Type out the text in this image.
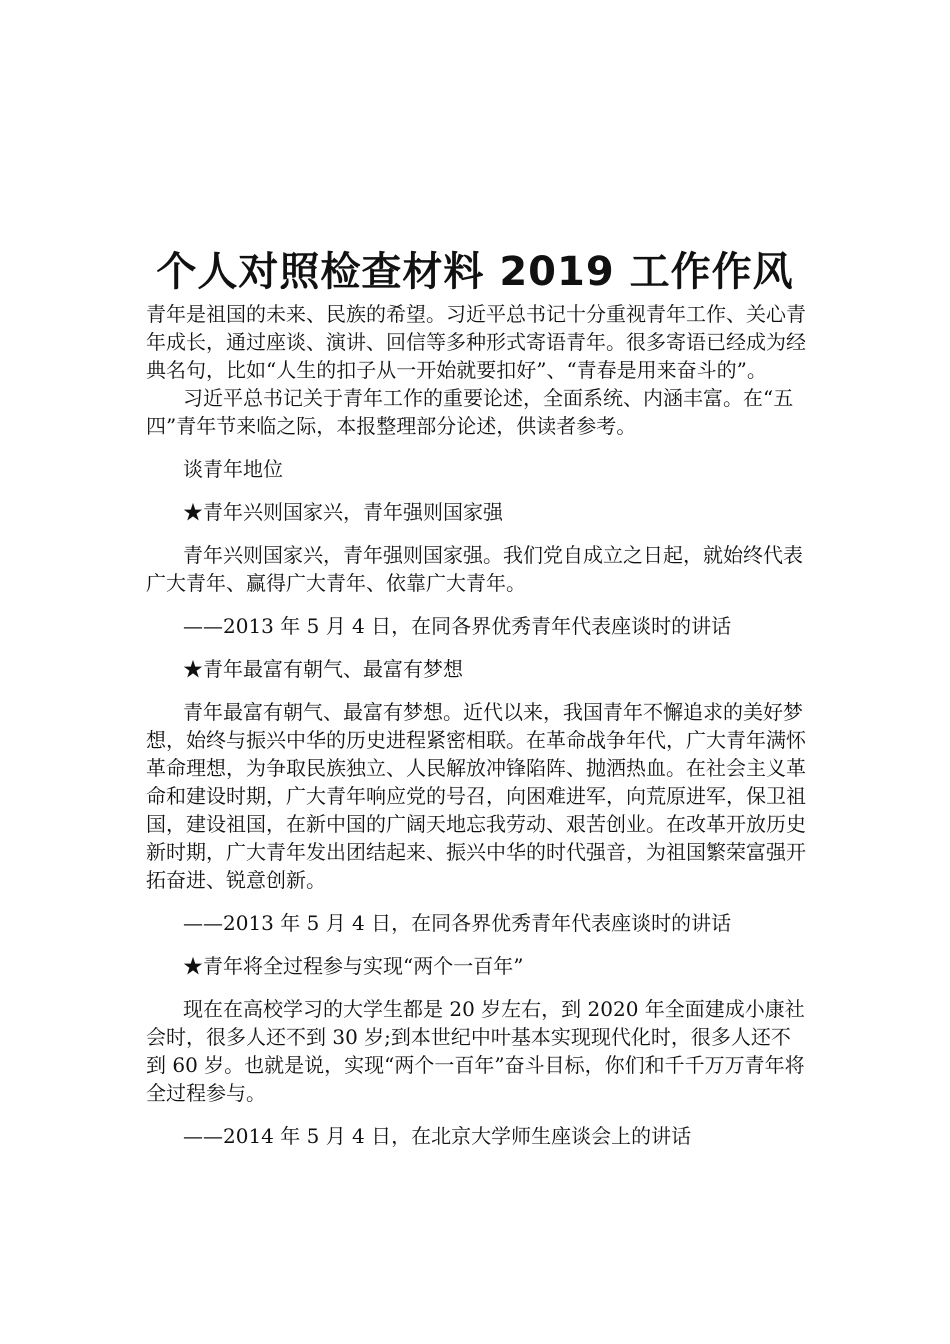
个人对照检查材料 2019 工作作风

青年是祖国的未来、民族的希望。习近平总书记十分重视青年工作、关心青年成长，通过座谈、演讲、回信等多种形式寄语青年。很多寄语已经成为经典名句，比如“人生的扣子从一开始就要扣好”、“青春是用来奋斗的”。

习近平总书记关于青年工作的重要论述，全面系统、内涵丰富。在“五四”青年节来临之际，本报整理部分论述，供读者参考。

谈青年地位

★青年兴则国家兴，青年强则国家强

青年兴则国家兴，青年强则国家强。我们党自成立之日起，就始终代表广大青年、赢得广大青年、依靠广大青年。

——2013 年 5 月 4 日，在同各界优秀青年代表座谈时的讲话

★青年最富有朝气、最富有梦想

青年最富有朝气、最富有梦想。近代以来，我国青年不懈追求的美好梦想，始终与振兴中华的历史进程紧密相联。在革命战争年代，广大青年满怀革命理想，为争取民族独立、人民解放冲锋陷阵、抛洒热血。在社会主义革命和建设时期，广大青年响应党的号召，向困难进军，向荒原进军，保卫祖国，建设祖国，在新中国的广阔天地忘我劳动、艰苦创业。在改革开放历史新时期，广大青年发出团结起来、振兴中华的时代强音，为祖国繁荣富强开拓奋进、锐意创新。

——2013 年 5 月 4 日，在同各界优秀青年代表座谈时的讲话

★青年将全过程参与实现“两个一百年”

现在在高校学习的大学生都是 20 岁左右，到 2020 年全面建成小康社会时，很多人还不到 30 岁;到本世纪中叶基本实现现代化时，很多人还不到 60 岁。也就是说，实现“两个一百年”奋斗目标，你们和千千万万青年将全过程参与。

——2014 年 5 月 4 日，在北京大学师生座谈会上的讲话
